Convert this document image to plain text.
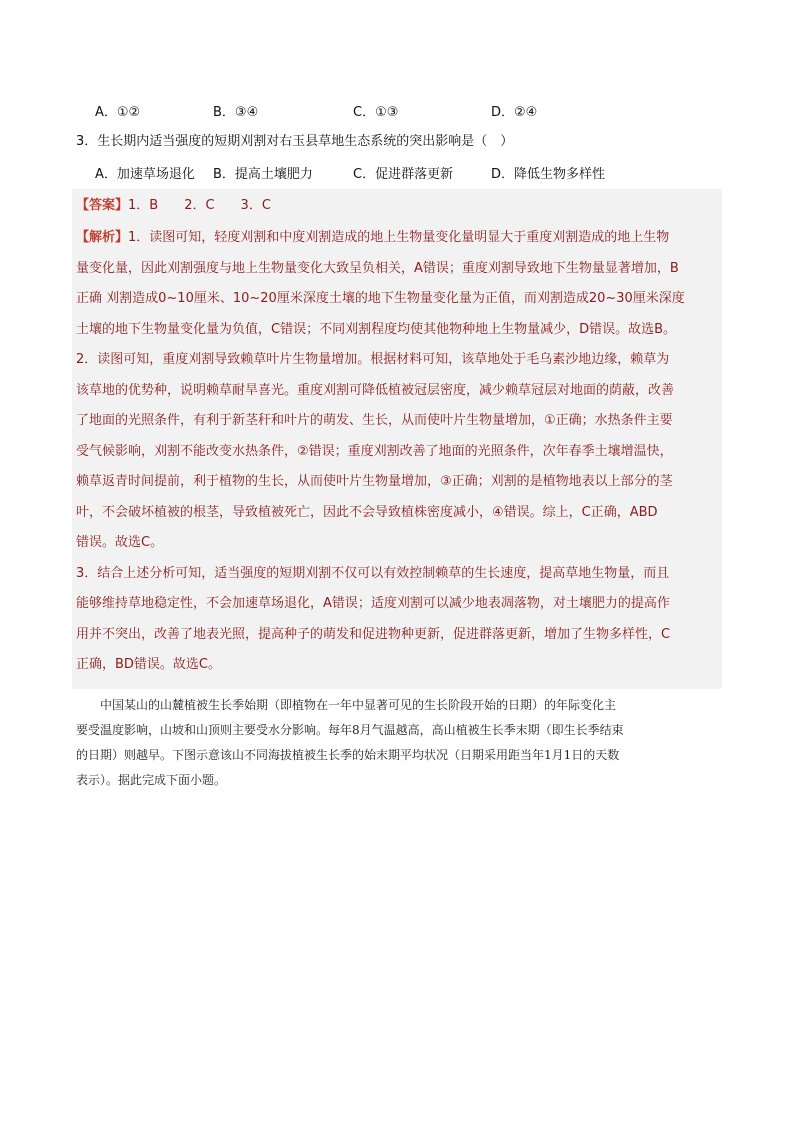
A．①②	B．③④	C．①③	D．②④
3．生长期内适当强度的短期刈割对右玉县草地生态系统的突出影响是（　）
A．加速草场退化 B．提高土壤肥力	C．促进群落更新	D．降低生物多样性
【答案】1．B　　2．C　　3．C
【解析】1．读图可知，轻度刈割和中度刈割造成的地上生物量变化量明显大于重度刈割造成的地上生物
量变化量，因此刈割强度与地上生物量变化大致呈负相关，A错误；重度刈割导致地下生物量显著增加，B
正确 刈割造成0~10厘米、10~20厘米深度土壤的地下生物量变化量为正值，而刈割造成20~30厘米深度
土壤的地下生物量变化量为负值，C错误；不同刈割程度均使其他物种地上生物量减少，D错误。故选B。
2．读图可知，重度刈割导致赖草叶片生物量增加。根据材料可知，该草地处于毛乌素沙地边缘，赖草为
该草地的优势种，说明赖草耐旱喜光。重度刈割可降低植被冠层密度，减少赖草冠层对地面的荫蔽，改善
了地面的光照条件，有利于新茎秆和叶片的萌发、生长，从而使叶片生物量增加，①正确；水热条件主要
受气候影响，刈割不能改变水热条件，②错误；重度刈割改善了地面的光照条件，次年春季土壤增温快，
赖草返青时间提前，利于植物的生长，从而使叶片生物量增加，③正确；刈割的是植物地表以上部分的茎
叶，不会破坏植被的根茎，导致植被死亡，因此不会导致植株密度减小，④错误。综上，C正确，ABD
错误。故选C。
3．结合上述分析可知，适当强度的短期刈割不仅可以有效控制赖草的生长速度，提高草地生物量，而且
能够维持草地稳定性，不会加速草场退化，A错误；适度刈割可以减少地表凋落物，对土壤肥力的提高作
用并不突出，改善了地表光照，提高种子的萌发和促进物种更新，促进群落更新，增加了生物多样性，C
正确，BD错误。故选C。
　　中国某山的山麓植被生长季始期（即植物在一年中显著可见的生长阶段开始的日期）的年际变化主
要受温度影响，山坡和山顶则主要受水分影响。每年8月气温越高，高山植被生长季末期（即生长季结束
的日期）则越早。下图示意该山不同海拔植被生长季的始末期平均状况（日期采用距当年1月1日的天数
表示）。据此完成下面小题。
